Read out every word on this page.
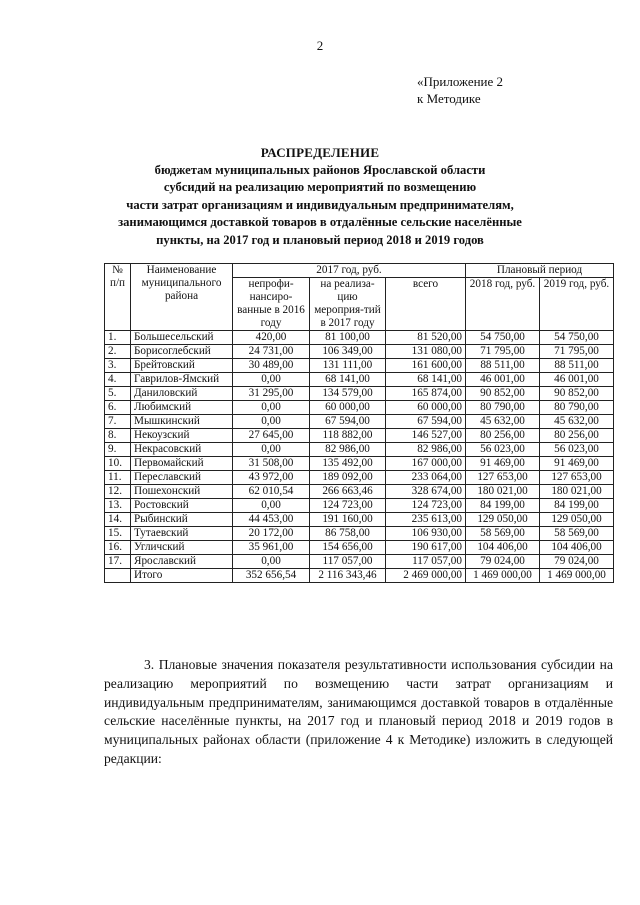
2
«Приложение 2
к Методике
РАСПРЕДЕЛЕНИЕ
бюджетам муниципальных районов Ярославской области
субсидий на реализацию мероприятий по возмещению
части затрат организациям и индивидуальным предпринимателям,
занимающимся доставкой товаров в отдалённые сельские населённые
пункты, на 2017 год и плановый период 2018 и 2019 годов
№ п/п	Наименование муниципального района	2017 год, руб.			Плановый период	
		непрофи-нансиро-ванные в 2016 году	на реализа-цию мероприя-тий в 2017 году	всего	2018 год, руб.	2019 год, руб.
1.	Большесельский	420,00	81 100,00	81 520,00	54 750,00	54 750,00
2.	Борисоглебский	24 731,00	106 349,00	131 080,00	71 795,00	71 795,00
3.	Брейтовский	30 489,00	131 111,00	161 600,00	88 511,00	88 511,00
4.	Гаврилов-Ямский	0,00	68 141,00	68 141,00	46 001,00	46 001,00
5.	Даниловский	31 295,00	134 579,00	165 874,00	90 852,00	90 852,00
6.	Любимский	0,00	60 000,00	60 000,00	80 790,00	80 790,00
7.	Мышкинский	0,00	67 594,00	67 594,00	45 632,00	45 632,00
8.	Некоузский	27 645,00	118 882,00	146 527,00	80 256,00	80 256,00
9.	Некрасовский	0,00	82 986,00	82 986,00	56 023,00	56 023,00
10.	Первомайский	31 508,00	135 492,00	167 000,00	91 469,00	91 469,00
11.	Переславский	43 972,00	189 092,00	233 064,00	127 653,00	127 653,00
12.	Пошехонский	62 010,54	266 663,46	328 674,00	180 021,00	180 021,00
13.	Ростовский	0,00	124 723,00	124 723,00	84 199,00	84 199,00
14.	Рыбинский	44 453,00	191 160,00	235 613,00	129 050,00	129 050,00
15.	Тутаевский	20 172,00	86 758,00	106 930,00	58 569,00	58 569,00
16.	Угличский	35 961,00	154 656,00	190 617,00	104 406,00	104 406,00
17.	Ярославский	0,00	117 057,00	117 057,00	79 024,00	79 024,00
	Итого	352 656,54	2 116 343,46	2 469 000,00	1 469 000,00	1 469 000,00
3. Плановые значения показателя результативности использования субсидии на реализацию мероприятий по возмещению части затрат организациям и индивидуальным предпринимателям, занимающимся доставкой товаров в отдалённые сельские населённые пункты, на 2017 год и плановый период 2018 и 2019 годов в муниципальных районах области (приложение 4 к Методике) изложить в следующей редакции:
